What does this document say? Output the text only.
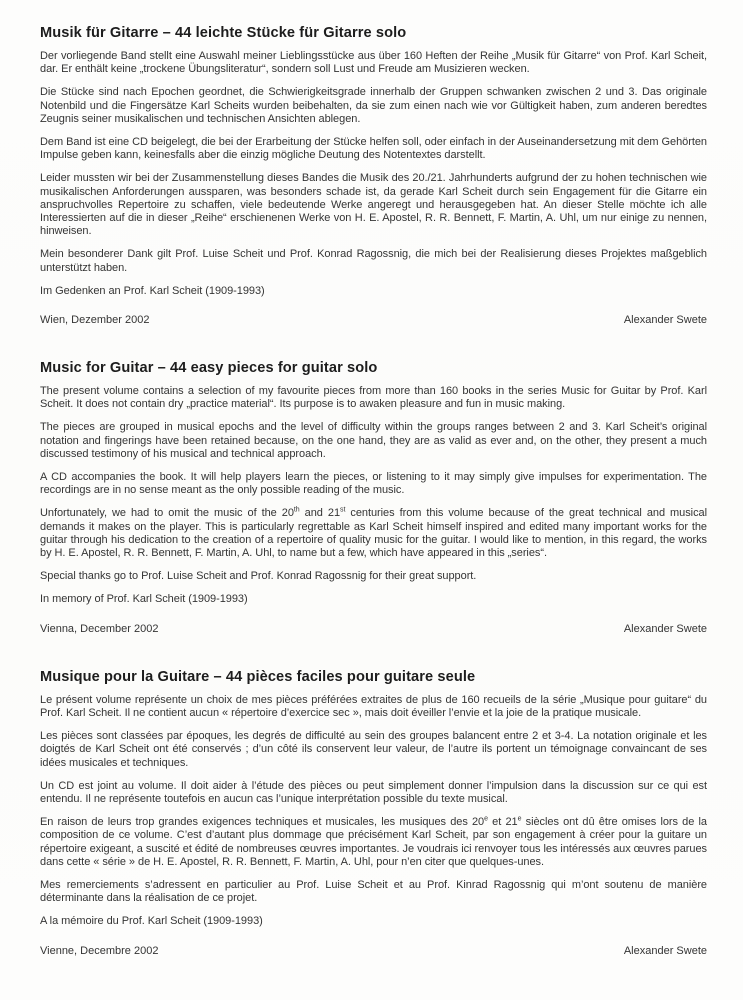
Musik für Gitarre – 44 leichte Stücke für Gitarre solo

Der vorliegende Band stellt eine Auswahl meiner Lieblingsstücke aus über 160 Heften der Reihe „Musik für Gitarre“ von Prof. Karl Scheit, dar. Er enthält keine „trockene Übungsliteratur“, sondern soll Lust und Freude am Musizieren wecken.

Die Stücke sind nach Epochen geordnet, die Schwierigkeitsgrade innerhalb der Gruppen schwanken zwischen 2 und 3. Das originale Notenbild und die Fingersätze Karl Scheits wurden beibehalten, da sie zum einen nach wie vor Gültigkeit haben, zum anderen beredtes Zeugnis seiner musikalischen und technischen Ansichten ablegen.

Dem Band ist eine CD beigelegt, die bei der Erarbeitung der Stücke helfen soll, oder einfach in der Auseinandersetzung mit dem Gehörten Impulse geben kann, keinesfalls aber die einzig mögliche Deutung des Notentextes darstellt.

Leider mussten wir bei der Zusammenstellung dieses Bandes die Musik des 20./21. Jahrhunderts aufgrund der zu hohen technischen wie musikalischen Anforderungen aussparen, was besonders schade ist, da gerade Karl Scheit durch sein Engagement für die Gitarre ein anspruchvolles Repertoire zu schaffen, viele bedeutende Werke angeregt und herausgegeben hat. An dieser Stelle möchte ich alle Interessierten auf die in dieser „Reihe“ erschienenen Werke von H. E. Apostel, R. R. Bennett, F. Martin, A. Uhl, um nur einige zu nennen, hinweisen.

Mein besonderer Dank gilt Prof. Luise Scheit und Prof. Konrad Ragossnig, die mich bei der Realisierung dieses Projektes maßgeblich unterstützt haben.

Im Gedenken an Prof. Karl Scheit (1909-1993)

Wien, Dezember 2002	Alexander Swete
Music for Guitar – 44 easy pieces for guitar solo

The present volume contains a selection of my favourite pieces from more than 160 books in the series Music for Guitar by Prof. Karl Scheit. It does not contain dry „practice material“. Its purpose is to awaken pleasure and fun in music making.

The pieces are grouped in musical epochs and the level of difficulty within the groups ranges between 2 and 3. Karl Scheit’s original notation and fingerings have been retained because, on the one hand, they are as valid as ever and, on the other, they present a much discussed testimony of his musical and technical approach.

A CD accompanies the book. It will help players learn the pieces, or listening to it may simply give impulses for experimentation. The recordings are in no sense meant as the only possible reading of the music.

Unfortunately, we had to omit the music of the 20th and 21st centuries from this volume because of the great technical and musical demands it makes on the player. This is particularly regrettable as Karl Scheit himself inspired and edited many important works for the guitar through his dedication to the creation of a repertoire of quality music for the guitar. I would like to mention, in this regard, the works by H. E. Apostel, R. R. Bennett, F. Martin, A. Uhl, to name but a few, which have appeared in this „series“.

Special thanks go to Prof. Luise Scheit and Prof. Konrad Ragossnig for their great support.

In memory of Prof. Karl Scheit (1909-1993)

Vienna, December 2002	Alexander Swete
Musique pour la Guitare – 44 pièces faciles pour guitare seule

Le présent volume représente un choix de mes pièces préférées extraites de plus de 160 recueils de la série „Musique pour guitare“ du Prof. Karl Scheit. Il ne contient aucun « répertoire d’exercice sec », mais doit éveiller l’envie et la joie de la pratique musicale.

Les pièces sont classées par époques, les degrés de difficulté au sein des groupes balancent entre 2 et 3-4. La notation originale et les doigtés de Karl Scheit ont été conservés ; d’un côté ils conservent leur valeur, de l’autre ils portent un témoignage convaincant de ses idées musicales et techniques.

Un CD est joint au volume. Il doit aider à l’étude des pièces ou peut simplement donner l’impulsion dans la discussion sur ce qui est entendu. Il ne représente toutefois en aucun cas l’unique interprétation possible du texte musical.

En raison de leurs trop grandes exigences techniques et musicales, les musiques des 20e et 21e siècles ont dû être omises lors de la composition de ce volume. C’est d’autant plus dommage que précisément Karl Scheit, par son engagement à créer pour la guitare un répertoire exigeant, a suscité et édité de nombreuses œuvres importantes. Je voudrais ici renvoyer tous les intéressés aux œuvres parues dans cette « série » de H. E. Apostel, R. R. Bennett, F. Martin, A. Uhl, pour n’en citer que quelques-unes.

Mes remerciements s’adressent en particulier au Prof. Luise Scheit et au Prof. Kinrad Ragossnig qui m’ont soutenu de manière déterminante dans la réalisation de ce projet.

A la mémoire du Prof. Karl Scheit (1909-1993)

Vienne, Decembre 2002	Alexander Swete
